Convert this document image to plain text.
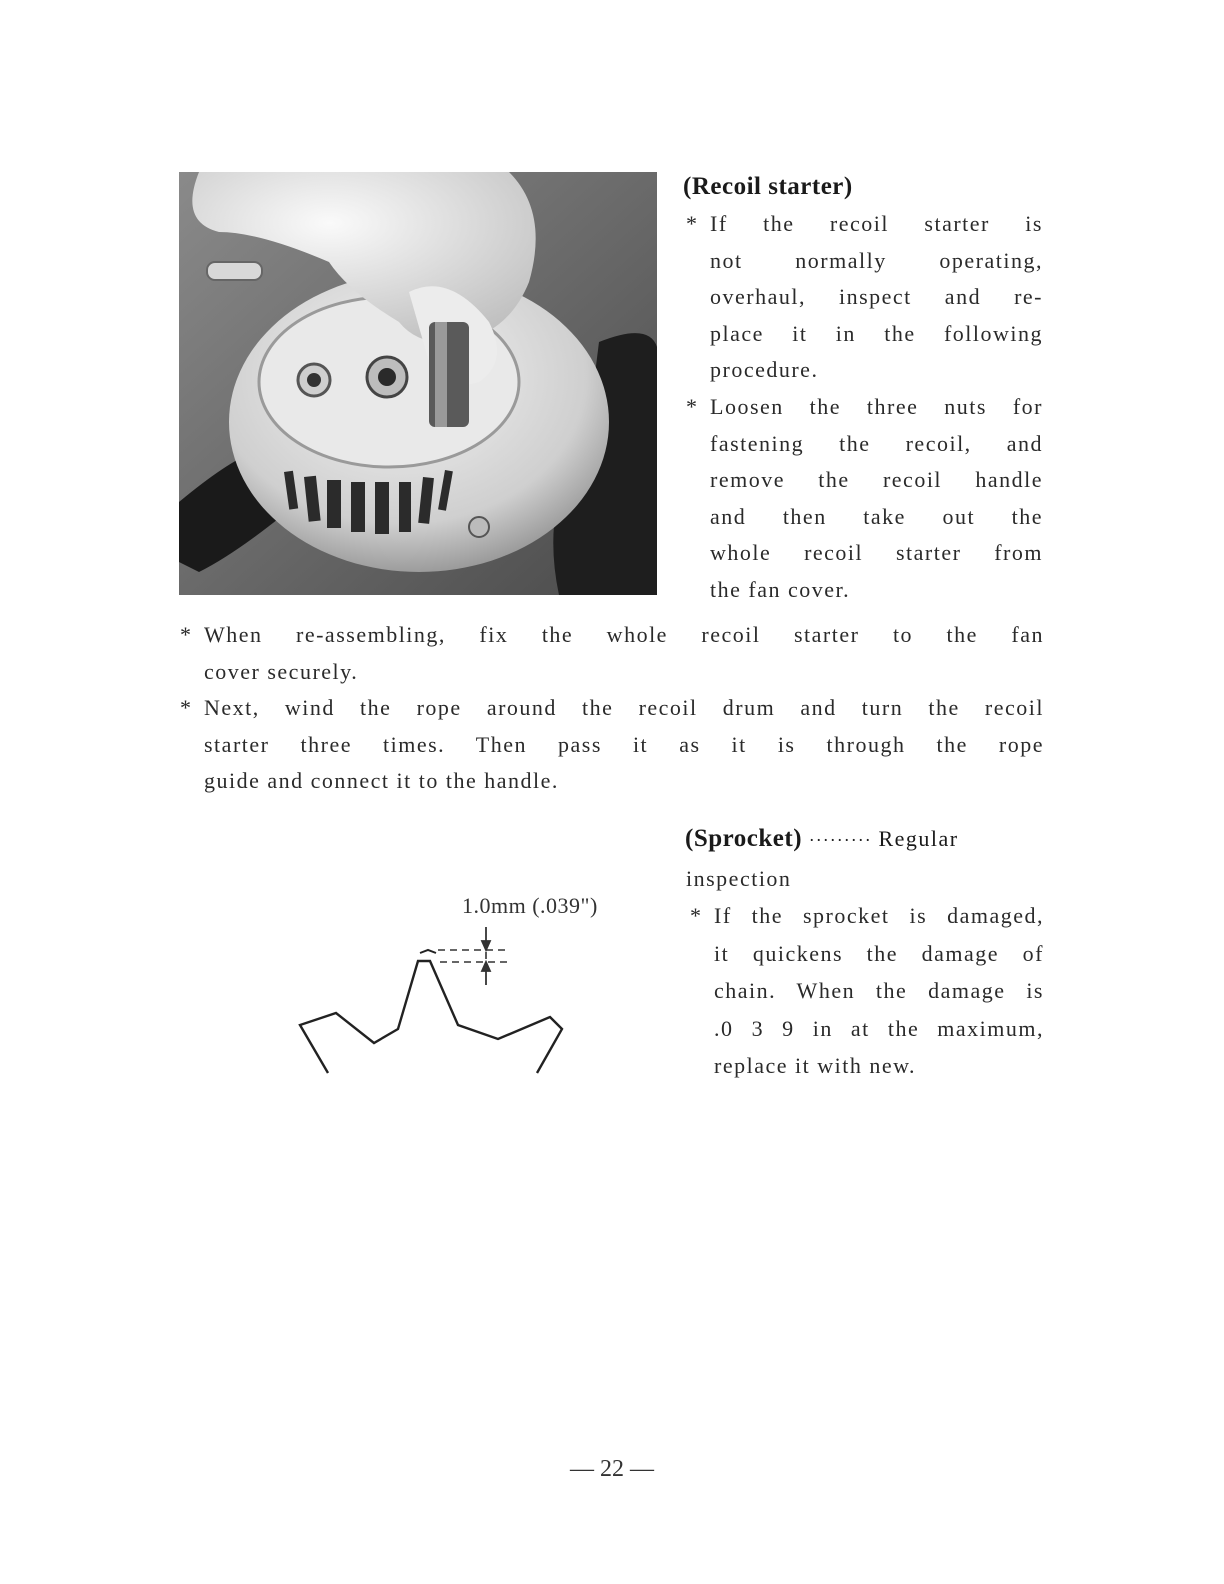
(Recoil starter)
* If the recoil starter is
not normally operating,
overhaul, inspect and re-
place it in the following
procedure.
* Loosen the three nuts for
fastening the recoil, and
remove the recoil handle
and then take out the
whole recoil starter from
the fan cover.
* When re-assembling, fix the whole recoil starter to the fan
cover securely.
* Next, wind the rope around the recoil drum and turn the recoil
starter three times. Then pass it as it is through the rope
guide and connect it to the handle.
(Sprocket) ········· Regular
inspection
* If the sprocket is damaged,
it quickens the damage of
chain. When the damage is
.0 3 9 in at the maximum,
replace it with new.
1.0mm (.039")
— 22 —
